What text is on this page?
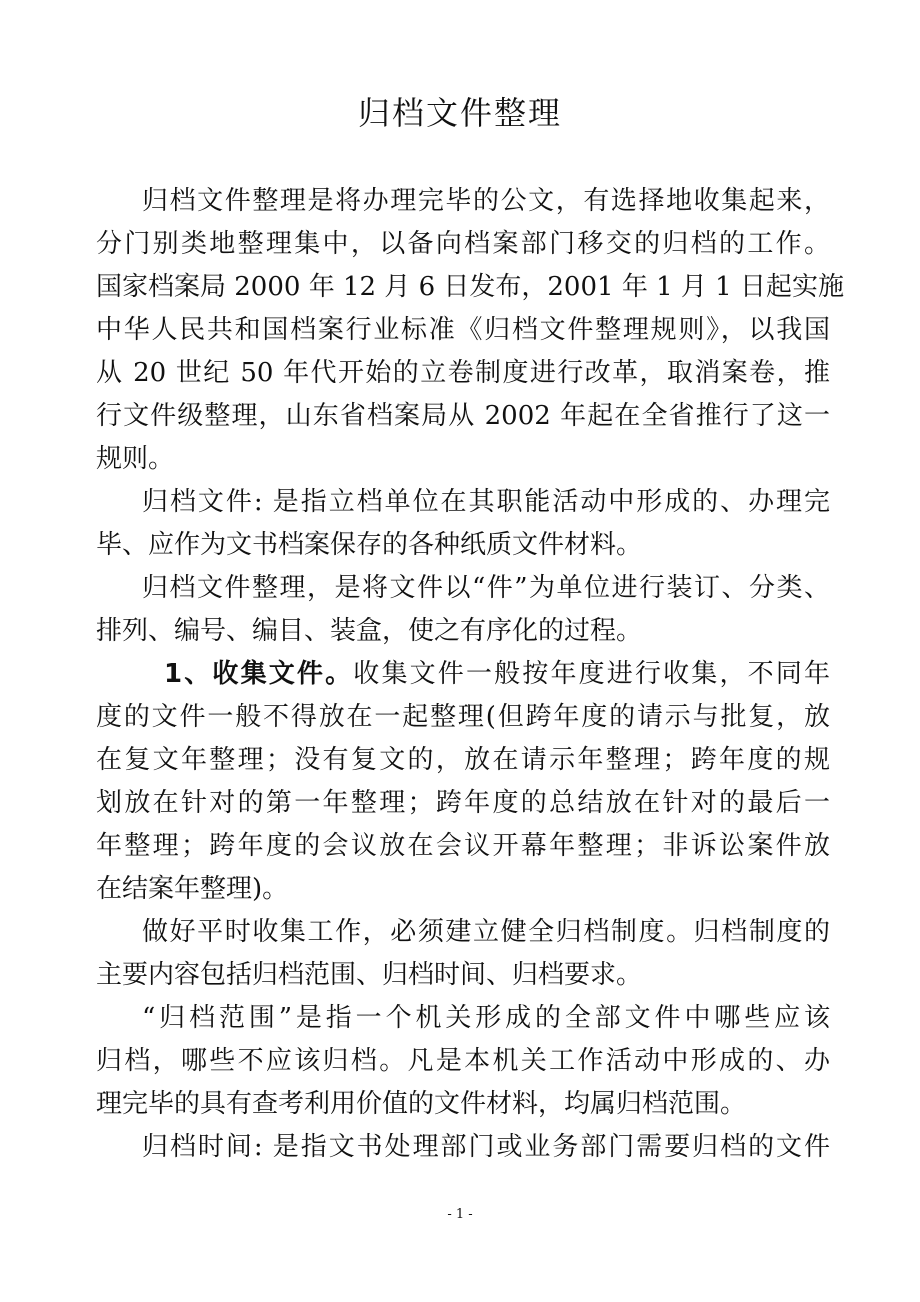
归档文件整理
归档文件整理是将办理完毕的公文，有选择地收集起来，
分门别类地整理集中，以备向档案部门移交的归档的工作。
国家档案局 2000 年 12 月 6 日发布，2001 年 1 月 1 日起实施
中华人民共和国档案行业标准《归档文件整理规则》，以我国
从 20 世纪 50 年代开始的立卷制度进行改革，取消案卷，推
行文件级整理，山东省档案局从 2002 年起在全省推行了这一
规则。
归档文件: 是指立档单位在其职能活动中形成的、办理完
毕、应作为文书档案保存的各种纸质文件材料。
归档文件整理，是将文件以“件”为单位进行装订、分类、
排列、编号、编目、装盒，使之有序化的过程。
1、收集文件。收集文件一般按年度进行收集，不同年
度的文件一般不得放在一起整理(但跨年度的请示与批复，放
在复文年整理；没有复文的，放在请示年整理；跨年度的规
划放在针对的第一年整理；跨年度的总结放在针对的最后一
年整理；跨年度的会议放在会议开幕年整理；非诉讼案件放
在结案年整理)。
做好平时收集工作，必须建立健全归档制度。归档制度的
主要内容包括归档范围、归档时间、归档要求。
“归档范围”是指一个机关形成的全部文件中哪些应该
归档，哪些不应该归档。凡是本机关工作活动中形成的、办
理完毕的具有查考利用价值的文件材料，均属归档范围。
归档时间: 是指文书处理部门或业务部门需要归档的文件
- 1 -
